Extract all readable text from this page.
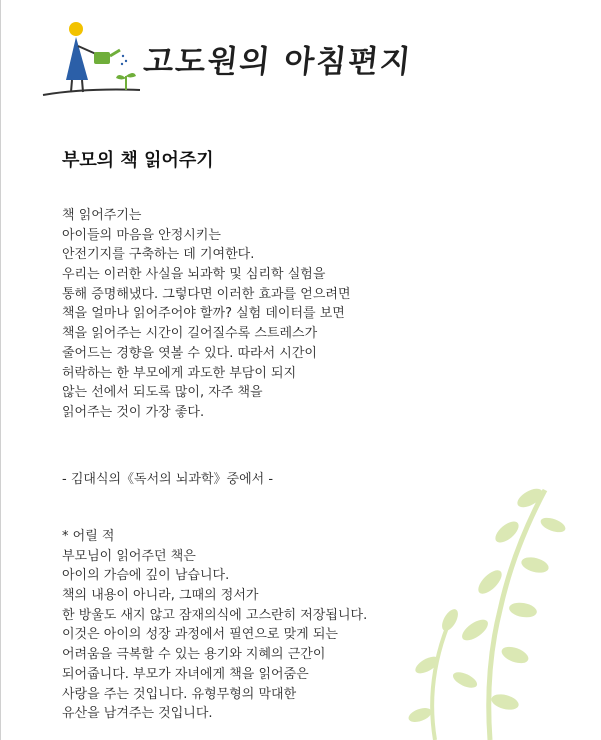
고도원의 아침편지
부모의 책 읽어주기
책 읽어주기는
아이들의 마음을 안정시키는
안전기지를 구축하는 데 기여한다.
우리는 이러한 사실을 뇌과학 및 심리학 실험을
통해 증명해냈다. 그렇다면 이러한 효과를 얻으려면
책을 얼마나 읽어주어야 할까? 실험 데이터를 보면
책을 읽어주는 시간이 길어질수록 스트레스가
줄어드는 경향을 엿볼 수 있다. 따라서 시간이
허락하는 한 부모에게 과도한 부담이 되지
않는 선에서 되도록 많이, 자주 책을
읽어주는 것이 가장 좋다.
- 김대식의《독서의 뇌과학》중에서 -
* 어릴 적
부모님이 읽어주던 책은
아이의 가슴에 깊이 남습니다.
책의 내용이 아니라, 그때의 정서가
한 방울도 새지 않고 잠재의식에 고스란히 저장됩니다.
이것은 아이의 성장 과정에서 필연으로 맞게 되는
어려움을 극복할 수 있는 용기와 지혜의 근간이
되어줍니다. 부모가 자녀에게 책을 읽어줌은
사랑을 주는 것입니다. 유형무형의 막대한
유산을 남겨주는 것입니다.
